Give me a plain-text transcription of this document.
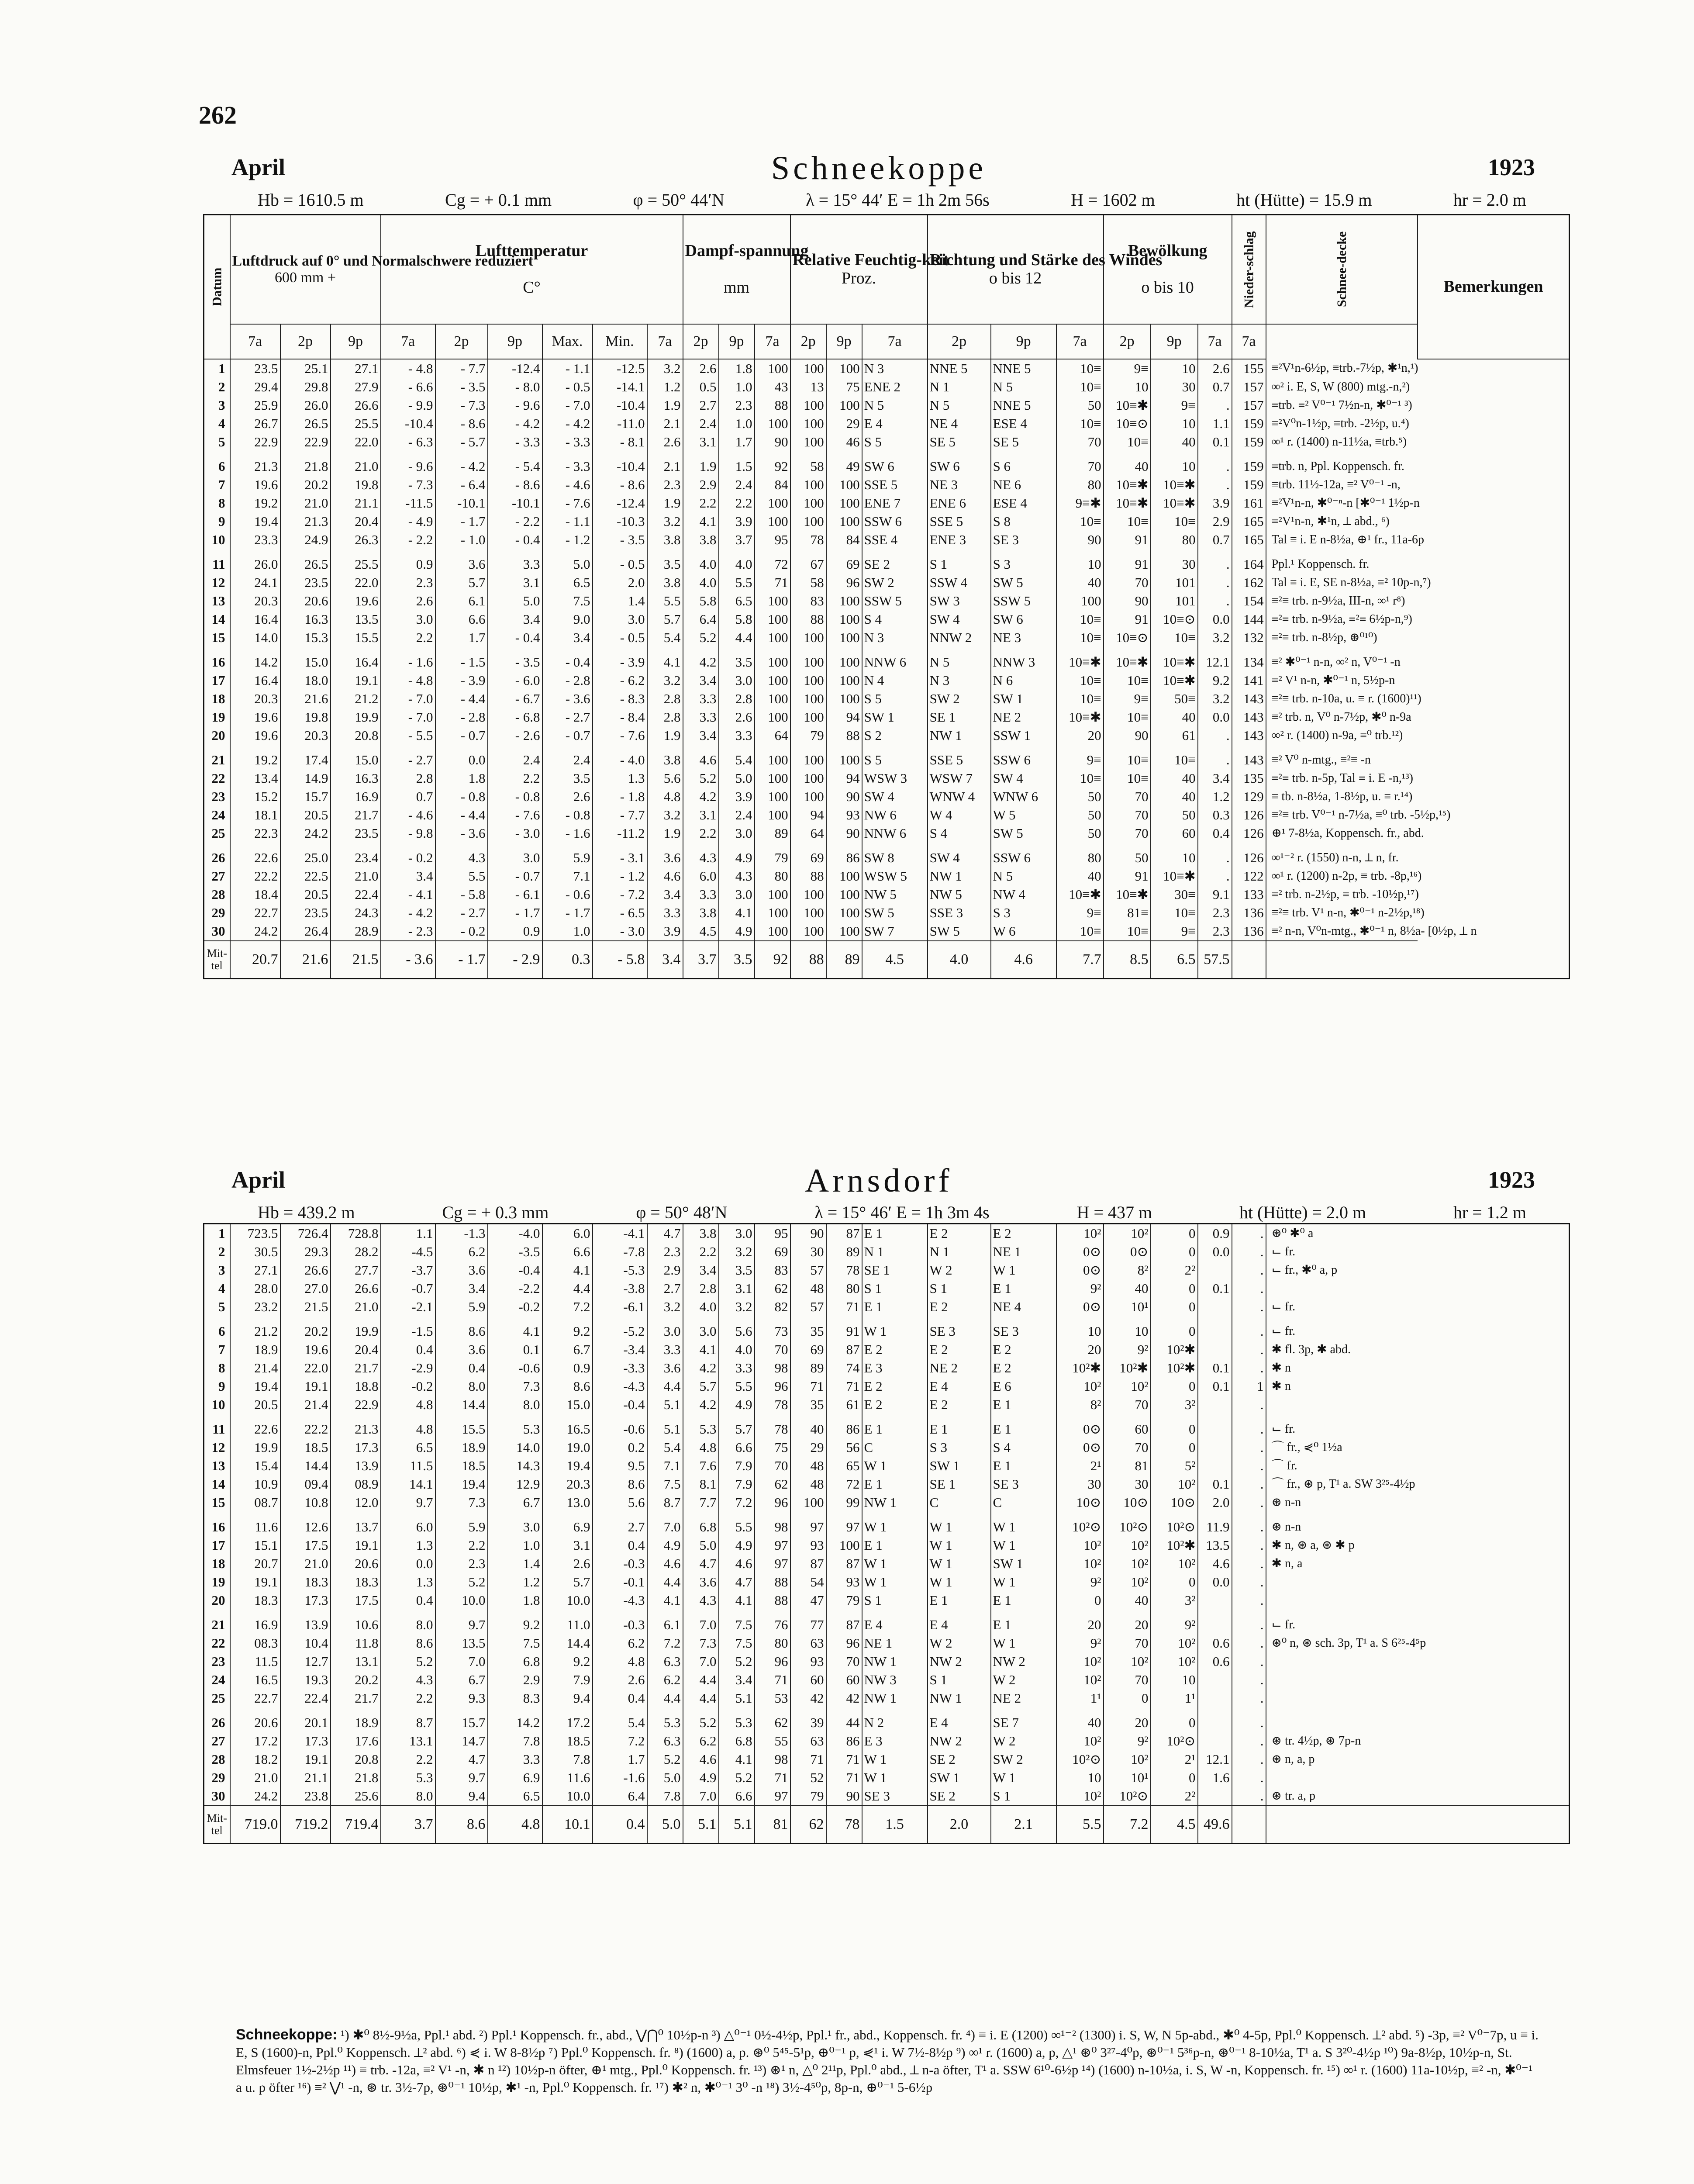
262
April	Schneekoppe	1923
Hb = 1610.5 m	Cg = + 0.1 mm	φ = 50° 44′N	λ = 15° 44′ E = 1h 2m 56s	H = 1602 m	ht (Hütte) = 15.9 m	hr = 2.0 m
Datum	Luftdruck auf 0° und Normalschwere reduziert
600 mm +			Lufttemperatur

C°						Dampf-spannung

mm			Relative Feuchtig-keit
Proz.			Richtung und Stärke des Windes
o bis 12			Bewölkung

o bis 10			Nieder-schlag	Schnee-decke	Bemerkungen
	7a	2p	9p	7a	2p	9p	Max.	Min.	7a	2p	9p	7a	2p	9p	7a	2p	9p	7a	2p	9p	7a	7a		
1	23.5	25.1	27.1	- 4.8	- 7.7	-12.4	- 1.1	-12.5	3.2	2.6	1.8	100	100	100	N 3	NNE 5	NNE 5	10≡	9≡	10	2.6	155	≡²V¹n-6½p, ≡trb.-7½p, ✱¹n,¹)	
2	29.4	29.8	27.9	- 6.6	- 3.5	- 8.0	- 0.5	-14.1	1.2	0.5	1.0	43	13	75	ENE 2	N 1	N 5	10≡	10	30	0.7	157	∞² i. E, S, W (800) mtg.-n,²)	
3	25.9	26.0	26.6	- 9.9	- 7.3	- 9.6	- 7.0	-10.4	1.9	2.7	2.3	88	100	100	N 5	N 5	NNE 5	50	10≡✱	9≡	.	157	≡trb. ≡² V⁰⁻¹ 7½n-n, ✱⁰⁻¹ ³)	
4	26.7	26.5	25.5	-10.4	- 8.6	- 4.2	- 4.2	-11.0	2.1	2.4	1.0	100	100	29	E 4	NE 4	ESE 4	10≡	10≡⊙	10	1.1	159	≡²V⁰n-1½p, ≡trb. -2½p, u.⁴)	
5	22.9	22.9	22.0	- 6.3	- 5.7	- 3.3	- 3.3	- 8.1	2.6	3.1	1.7	90	100	46	S 5	SE 5	SE 5	70	10≡	40	0.1	159	∞¹ r. (1400) n-11½a, ≡trb.⁵)	
6	21.3	21.8	21.0	- 9.6	- 4.2	- 5.4	- 3.3	-10.4	2.1	1.9	1.5	92	58	49	SW 6	SW 6	S 6	70	40	10	.	159	≡trb. n, Ppl. Koppensch. fr.	
7	19.6	20.2	19.8	- 7.3	- 6.4	- 8.6	- 4.6	- 8.6	2.3	2.9	2.4	84	100	100	SSE 5	NE 3	NE 6	80	10≡✱	10≡✱	.	159	≡trb. 11½-12a, ≡² V⁰⁻¹ -n,	
8	19.2	21.0	21.1	-11.5	-10.1	-10.1	- 7.6	-12.4	1.9	2.2	2.2	100	100	100	ENE 7	ENE 6	ESE 4	9≡✱	10≡✱	10≡✱	3.9	161	≡²V¹n-n, ✱⁰⁻ⁿ-n [✱⁰⁻¹ 1½p-n	
9	19.4	21.3	20.4	- 4.9	- 1.7	- 2.2	- 1.1	-10.3	3.2	4.1	3.9	100	100	100	SSW 6	SSE 5	S 8	10≡	10≡	10≡	2.9	165	≡²V¹n-n, ✱¹n, ⟂ abd., ⁶)	
10	23.3	24.9	26.3	- 2.2	- 1.0	- 0.4	- 1.2	- 3.5	3.8	3.8	3.7	95	78	84	SSE 4	ENE 3	SE 3	90	91	80	0.7	165	Tal ≡ i. E n-8½a, ⊕¹ fr., 11a-6p	
11	26.0	26.5	25.5	0.9	3.6	3.3	5.0	- 0.5	3.5	4.0	4.0	72	67	69	SE 2	S 1	S 3	10	91	30	.	164	Ppl.¹ Koppensch. fr.	
12	24.1	23.5	22.0	2.3	5.7	3.1	6.5	2.0	3.8	4.0	5.5	71	58	96	SW 2	SSW 4	SW 5	40	70	101	.	162	Tal ≡ i. E, SE n-8½a, ≡² 10p-n,⁷)	
13	20.3	20.6	19.6	2.6	6.1	5.0	7.5	1.4	5.5	5.8	6.5	100	83	100	SSW 5	SW 3	SSW 5	100	90	101	.	154	≡²≡ trb. n-9½a, III-n, ∞¹ r⁸)	
14	16.4	16.3	13.5	3.0	6.6	3.4	9.0	3.0	5.7	6.4	5.8	100	88	100	S 4	SW 4	SW 6	10≡	91	10≡⊙	0.0	144	≡²≡ trb. n-9½a, ≡²≡ 6½p-n,⁹)	
15	14.0	15.3	15.5	2.2	1.7	- 0.4	3.4	- 0.5	5.4	5.2	4.4	100	100	100	N 3	NNW 2	NE 3	10≡	10≡⊙	10≡	3.2	132	≡²≡ trb. n-8½p, ⊛⁰¹⁰)	
16	14.2	15.0	16.4	- 1.6	- 1.5	- 3.5	- 0.4	- 3.9	4.1	4.2	3.5	100	100	100	NNW 6	N 5	NNW 3	10≡✱	10≡✱	10≡✱	12.1	134	≡² ✱⁰⁻¹ n-n, ∞² n, V⁰⁻¹ -n	
17	16.4	18.0	19.1	- 4.8	- 3.9	- 6.0	- 2.8	- 6.2	3.2	3.4	3.0	100	100	100	N 4	N 3	N 6	10≡	10≡	10≡✱	9.2	141	≡² V¹ n-n, ✱⁰⁻¹ n, 5½p-n	
18	20.3	21.6	21.2	- 7.0	- 4.4	- 6.7	- 3.6	- 8.3	2.8	3.3	2.8	100	100	100	S 5	SW 2	SW 1	10≡	9≡	50≡	3.2	143	≡²≡ trb. n-10a, u. ≡ r. (1600)¹¹)	
19	19.6	19.8	19.9	- 7.0	- 2.8	- 6.8	- 2.7	- 8.4	2.8	3.3	2.6	100	100	94	SW 1	SE 1	NE 2	10≡✱	10≡	40	0.0	143	≡² trb. n, V⁰ n-7½p, ✱⁰ n-9a	
20	19.6	20.3	20.8	- 5.5	- 0.7	- 2.6	- 0.7	- 7.6	1.9	3.4	3.3	64	79	88	S 2	NW 1	SSW 1	20	90	61	.	143	∞² r. (1400) n-9a, ≡⁰ trb.¹²)	
21	19.2	17.4	15.0	- 2.7	0.0	2.4	2.4	- 4.0	3.8	4.6	5.4	100	100	100	S 5	SSE 5	SSW 6	9≡	10≡	10≡	.	143	≡² V⁰ n-mtg., ≡²≡ -n	
22	13.4	14.9	16.3	2.8	1.8	2.2	3.5	1.3	5.6	5.2	5.0	100	100	94	WSW 3	WSW 7	SW 4	10≡	10≡	40	3.4	135	≡²≡ trb. n-5p, Tal ≡ i. E -n,¹³)	
23	15.2	15.7	16.9	0.7	- 0.8	- 0.8	2.6	- 1.8	4.8	4.2	3.9	100	100	90	SW 4	WNW 4	WNW 6	50	70	40	1.2	129	≡ tb. n-8½a, 1-8½p, u. ≡ r.¹⁴)	
24	18.1	20.5	21.7	- 4.6	- 4.4	- 7.6	- 0.8	- 7.7	3.2	3.1	2.4	100	94	93	NW 6	W 4	W 5	50	70	50	0.3	126	≡²≡ trb. V⁰⁻¹ n-7½a, ≡⁰ trb. -5½p,¹⁵)	
25	22.3	24.2	23.5	- 9.8	- 3.6	- 3.0	- 1.6	-11.2	1.9	2.2	3.0	89	64	90	NNW 6	S 4	SW 5	50	70	60	0.4	126	⊕¹ 7-8½a, Koppensch. fr., abd.	
26	22.6	25.0	23.4	- 0.2	4.3	3.0	5.9	- 3.1	3.6	4.3	4.9	79	69	86	SW 8	SW 4	SSW 6	80	50	10	.	126	∞¹⁻² r. (1550) n-n, ⟂ n, fr.	
27	22.2	22.5	21.0	3.4	5.5	- 0.7	7.1	- 1.2	4.6	6.0	4.3	80	88	100	WSW 5	NW 1	N 5	40	91	10≡✱	.	122	∞¹ r. (1200) n-2p, ≡ trb. -8p,¹⁶)	
28	18.4	20.5	22.4	- 4.1	- 5.8	- 6.1	- 0.6	- 7.2	3.4	3.3	3.0	100	100	100	NW 5	NW 5	NW 4	10≡✱	10≡✱	30≡	9.1	133	≡² trb. n-2½p, ≡ trb. -10½p,¹⁷)	
29	22.7	23.5	24.3	- 4.2	- 2.7	- 1.7	- 1.7	- 6.5	3.3	3.8	4.1	100	100	100	SW 5	SSE 3	S 3	9≡	81≡	10≡	2.3	136	≡²≡ trb. V¹ n-n, ✱⁰⁻¹ n-2½p,¹⁸)	
30	24.2	26.4	28.9	- 2.3	- 0.2	0.9	1.0	- 3.0	3.9	4.5	4.9	100	100	100	SW 7	SW 5	W 6	10≡	10≡	9≡	2.3	136	≡² n-n, V⁰n-mtg., ✱⁰⁻¹ n, 8½a- [0½p, ⟂ n	
Mit-tel	20.7	21.6	21.5	- 3.6	- 1.7	- 2.9	0.3	- 5.8	3.4	3.7	3.5	92	88	89	4.5	4.0	4.6	7.7	8.5	6.5	57.5			
April	Arnsdorf	1923
Hb = 439.2 m	Cg = + 0.3 mm	φ = 50° 48′N	λ = 15° 46′ E = 1h 3m 4s	H = 437 m	ht (Hütte) = 2.0 m	hr = 1.2 m
1	723.5	726.4	728.8	1.1	-1.3	-4.0	6.0	-4.1	4.7	3.8	3.0	95	90	87	E 1	E 2	E 2	10²	10²	0	0.9	.	⊛⁰ ✱⁰ a
2	30.5	29.3	28.2	-4.5	6.2	-3.5	6.6	-7.8	2.3	2.2	3.2	69	30	89	N 1	N 1	NE 1	0⊙	0⊙	0	0.0	.	⌙ fr.
3	27.1	26.6	27.7	-3.7	3.6	-0.4	4.1	-5.3	2.9	3.4	3.5	83	57	78	SE 1	W 2	W 1	0⊙	8²	2²		.	⌙ fr., ✱⁰ a, p
4	28.0	27.0	26.6	-0.7	3.4	-2.2	4.4	-3.8	2.7	2.8	3.1	62	48	80	S 1	S 1	E 1	9²	40	0	0.1	.	
5	23.2	21.5	21.0	-2.1	5.9	-0.2	7.2	-6.1	3.2	4.0	3.2	82	57	71	E 1	E 2	NE 4	0⊙	10¹	0		.	⌙ fr.
6	21.2	20.2	19.9	-1.5	8.6	4.1	9.2	-5.2	3.0	3.0	5.6	73	35	91	W 1	SE 3	SE 3	10	10	0		.	⌙ fr.
7	18.9	19.6	20.4	0.4	3.6	0.1	6.7	-3.4	3.3	4.1	4.0	70	69	87	E 2	E 2	E 2	20	9²	10²✱		.	✱ fl. 3p, ✱ abd.
8	21.4	22.0	21.7	-2.9	0.4	-0.6	0.9	-3.3	3.6	4.2	3.3	98	89	74	E 3	NE 2	E 2	10²✱	10²✱	10²✱	0.1	.	✱ n
9	19.4	19.1	18.8	-0.2	8.0	7.3	8.6	-4.3	4.4	5.7	5.5	96	71	71	E 2	E 4	E 6	10²	10²	0	0.1	1	✱ n
10	20.5	21.4	22.9	4.8	14.4	8.0	15.0	-0.4	5.1	4.2	4.9	78	35	61	E 2	E 2	E 1	8²	70	3²		.	
11	22.6	22.2	21.3	4.8	15.5	5.3	16.5	-0.6	5.1	5.3	5.7	78	40	86	E 1	E 1	E 1	0⊙	60	0		.	⌙ fr.
12	19.9	18.5	17.3	6.5	18.9	14.0	19.0	0.2	5.4	4.8	6.6	75	29	56	C	S 3	S 4	0⊙	70	0		.	⌒ fr., ⋞⁰ 1½a
13	15.4	14.4	13.9	11.5	18.5	14.3	19.4	9.5	7.1	7.6	7.9	70	48	65	W 1	SW 1	E 1	2¹	81	5²		.	⌒ fr.
14	10.9	09.4	08.9	14.1	19.4	12.9	20.3	8.6	7.5	8.1	7.9	62	48	72	E 1	SE 1	SE 3	30	30	10²	0.1	.	⌒ fr., ⊛ p, T¹ a. SW 3²⁵-4½p
15	08.7	10.8	12.0	9.7	7.3	6.7	13.0	5.6	8.7	7.7	7.2	96	100	99	NW 1	C	C	10⊙	10⊙	10⊙	2.0	.	⊛ n-n
16	11.6	12.6	13.7	6.0	5.9	3.0	6.9	2.7	7.0	6.8	5.5	98	97	97	W 1	W 1	W 1	10²⊙	10²⊙	10²⊙	11.9	.	⊛ n-n
17	15.1	17.5	19.1	1.3	2.2	1.0	3.1	0.4	4.9	5.0	4.9	97	93	100	E 1	W 1	W 1	10²	10²	10²✱	13.5	.	✱ n, ⊛ a, ⊛ ✱ p
18	20.7	21.0	20.6	0.0	2.3	1.4	2.6	-0.3	4.6	4.7	4.6	97	87	87	W 1	W 1	SW 1	10²	10²	10²	4.6	.	✱ n, a
19	19.1	18.3	18.3	1.3	5.2	1.2	5.7	-0.1	4.4	3.6	4.7	88	54	93	W 1	W 1	W 1	9²	10²	0	0.0	.	
20	18.3	17.3	17.5	0.4	10.0	1.8	10.0	-4.3	4.1	4.3	4.1	88	47	79	S 1	E 1	E 1	0	40	3²		.	
21	16.9	13.9	10.6	8.0	9.7	9.2	11.0	-0.3	6.1	7.0	7.5	76	77	87	E 4	E 4	E 1	20	20	9²		.	⌙ fr.
22	08.3	10.4	11.8	8.6	13.5	7.5	14.4	6.2	7.2	7.3	7.5	80	63	96	NE 1	W 2	W 1	9²	70	10²	0.6	.	⊛⁰ n, ⊛ sch. 3p, T¹ a. S 6²⁵-4⁵p
23	11.5	12.7	13.1	5.2	7.0	6.8	9.2	4.8	6.3	7.0	5.2	96	93	70	NW 1	NW 2	NW 2	10²	10²	10²	0.6	.	
24	16.5	19.3	20.2	4.3	6.7	2.9	7.9	2.6	6.2	4.4	3.4	71	60	60	NW 3	S 1	W 2	10²	70	10		.	
25	22.7	22.4	21.7	2.2	9.3	8.3	9.4	0.4	4.4	4.4	5.1	53	42	42	NW 1	NW 1	NE 2	1¹	0	1¹		.	
26	20.6	20.1	18.9	8.7	15.7	14.2	17.2	5.4	5.3	5.2	5.3	62	39	44	N 2	E 4	SE 7	40	20	0		.	
27	17.2	17.3	17.6	13.1	14.7	7.8	18.5	7.2	6.3	6.2	6.8	55	63	86	E 3	NW 2	W 2	10²	9²	10²⊙		.	⊛ tr. 4½p, ⊛ 7p-n
28	18.2	19.1	20.8	2.2	4.7	3.3	7.8	1.7	5.2	4.6	4.1	98	71	71	W 1	SE 2	SW 2	10²⊙	10²	2¹	12.1	.	⊛ n, a, p
29	21.0	21.1	21.8	5.3	9.7	6.9	11.6	-1.6	5.0	4.9	5.2	71	52	71	W 1	SW 1	W 1	10	10¹	0	1.6	.	
30	24.2	23.8	25.6	8.0	9.4	6.5	10.0	6.4	7.8	7.0	6.6	97	79	90	SE 3	SE 2	S 1	10²	10²⊙	2²		.	⊛ tr. a, p
Mit-tel	719.0	719.2	719.4	3.7	8.6	4.8	10.1	0.4	5.0	5.1	5.1	81	62	78	1.5	2.0	2.1	5.5	7.2	4.5	49.6		
Schneekoppe: ¹) ✱⁰ 8½-9½a, Ppl.¹ abd. ²) Ppl.¹ Koppensch. fr., abd., ⋁⋂⁰ 10½p-n ³) △⁰⁻¹ 0½-4½p, Ppl.¹ fr., abd., Koppensch. fr. ⁴) ≡ i. E (1200) ∞¹⁻² (1300) i. S, W, N 5p-abd., ✱⁰ 4-5p, Ppl.⁰ Koppensch. ⟂² abd. ⁵) -3p, ≡² V⁰⁻7p, u ≡ i. E, S (1600)-n, Ppl.⁰ Koppensch. ⟂² abd. ⁶) ⋞ i. W 8-8½p ⁷) Ppl.⁰ Koppensch. fr. ⁸) (1600) a, p. ⊛⁰ 5⁴⁵-5¹p, ⊕⁰⁻¹ p, ⋞¹ i. W 7½-8½p ⁹) ∞¹ r. (1600) a, p, △¹ ⊛⁰ 3²⁷-4⁰p, ⊛⁰⁻¹ 5³⁶p-n, ⊛⁰⁻¹ 8-10½a, T¹ a. S 3²⁰-4½p ¹⁰) 9a-8½p, 10½p-n, St. Elmsfeuer 1½-2½p ¹¹) ≡ trb. -12a, ≡² V¹ -n, ✱ n ¹²) 10½p-n öfter, ⊕¹ mtg., Ppl.⁰ Koppensch. fr. ¹³) ⊛¹ n, △⁰ 2¹¹p, Ppl.⁰ abd., ⟂ n-a öfter, T¹ a. SSW 6¹⁰-6½p ¹⁴) (1600) n-10½a, i. S, W -n, Koppensch. fr. ¹⁵) ∞¹ r. (1600) 11a-10½p, ≡² -n, ✱⁰⁻¹ a u. p öfter ¹⁶) ≡² ⋁¹ -n, ⊛ tr. 3½-7p, ⊛⁰⁻¹ 10½p, ✱¹ -n, Ppl.⁰ Koppensch. fr. ¹⁷) ✱² n, ✱⁰⁻¹ 3⁰ -n ¹⁸) 3½-4⁵⁰p, 8p-n, ⊕⁰⁻¹ 5-6½p
